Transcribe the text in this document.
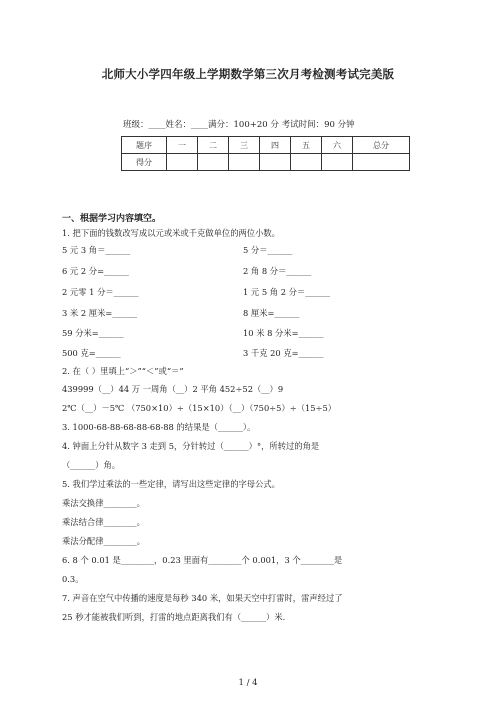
北师大小学四年级上学期数学第三次月考检测考试完美版
班级：____姓名：____满分：100+20 分 考试时间：90 分钟
题序	一	二	三	四	五	六	总分
得分							
一、根据学习内容填空。
1. 把下面的钱数改写成以元或米或千克做单位的两位小数。
5 元 3 角＝______	5 分＝______
6 元 2 分=______	2 角 8 分＝______
2 元零 1 分＝______	1 元 5 角 2 分＝______
3 米 2 厘米=______	8 厘米=______
59 分米=______	10 米 8 分米=______
500 克=______	3 千克 20 克=______
2. 在（ ）里填上“＞”“＜”或“＝”
439999（__）44 万 一周角（__）2 平角 452÷52（__）9
2℃（__）－5℃ （750×10）÷（15×10）（__）（750÷5）÷（15÷5）
3. 1000-68-88-68-88-68-88 的结果是（______）。
4. 钟面上分针从数字 3 走到 5，分针转过（______）°，所转过的角是
（______）角。
5. 我们学过乘法的一些定律，请写出这些定律的字母公式。
乘法交换律________。
乘法结合律________。
乘法分配律________。
6. 8 个 0.01 是________，0.23 里面有________个 0.001，3 个________是
0.3。
7. 声音在空气中传播的速度是每秒 340 米，如果天空中打雷时，雷声经过了
25 秒才能被我们听到，打雷的地点距离我们有（______）米.
1 / 4
